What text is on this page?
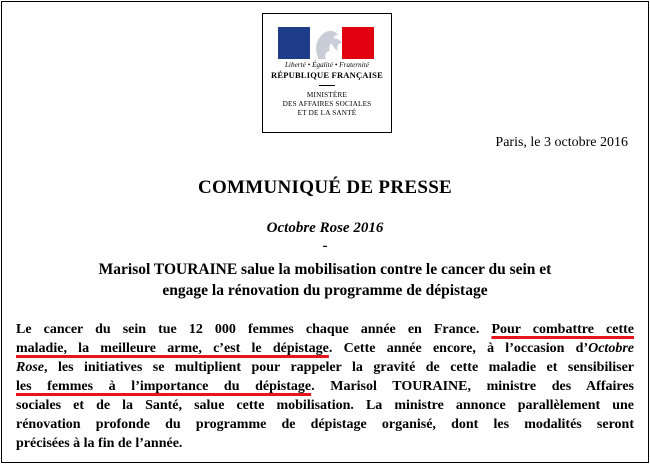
Liberté • Égalité • Fraternité
RÉPUBLIQUE FRANÇAISE
MINISTÈRE
DES AFFAIRES SOCIALES
ET DE LA SANTÉ
Paris, le 3 octobre 2016
COMMUNIQUÉ DE PRESSE
Octobre Rose 2016
-
Marisol TOURAINE salue la mobilisation contre le cancer du sein et
engage la rénovation du programme de dépistage
Le cancer du sein tue 12 000 femmes chaque année en France. Pour combattre cette
maladie, la meilleure arme, c’est le dépistage. Cette année encore, à l’occasion d’Octobre
Rose, les initiatives se multiplient pour rappeler la gravité de cette maladie et sensibiliser
les femmes à l’importance du dépistage. Marisol TOURAINE, ministre des Affaires
sociales et de la Santé, salue cette mobilisation. La ministre annonce parallèlement une
rénovation profonde du programme de dépistage organisé, dont les modalités seront
précisées à la fin de l’année.
